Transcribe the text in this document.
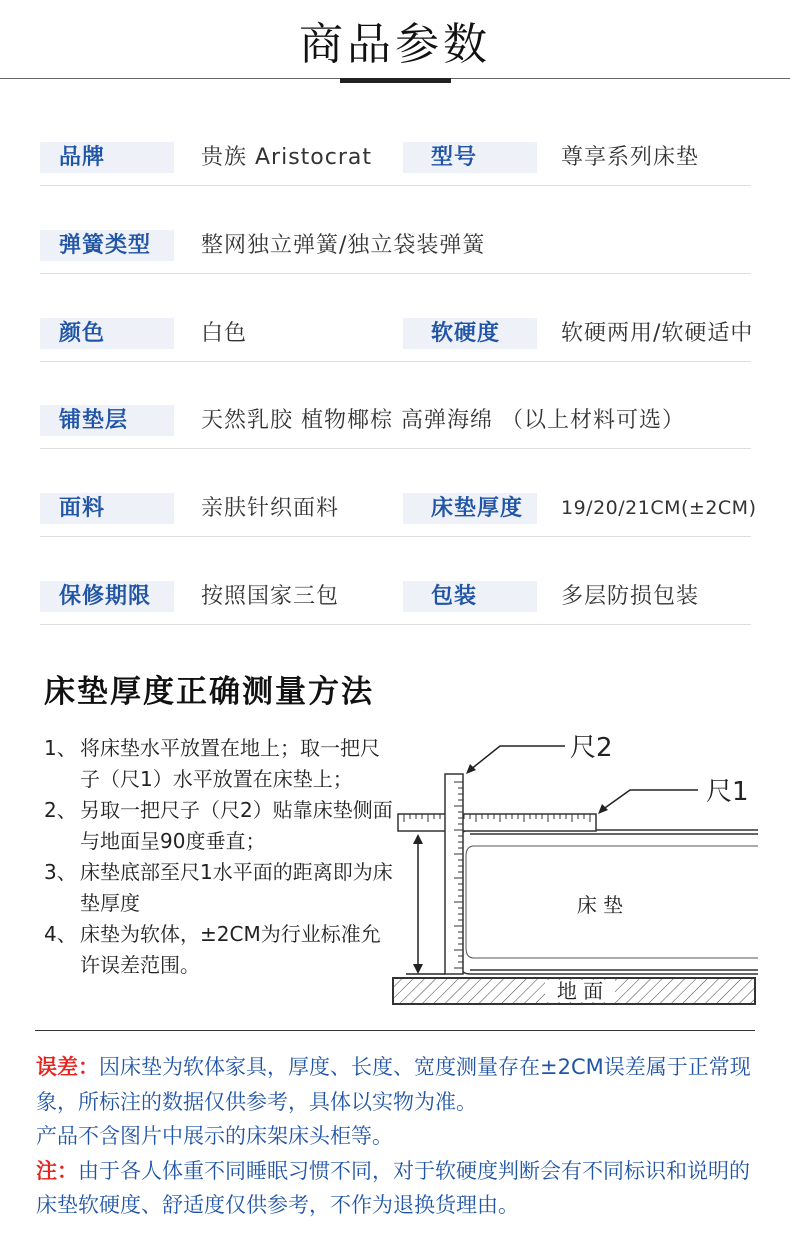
商品参数
品牌	贵族 Aristocrat	型号	尊享系列床垫
弹簧类型	整网独立弹簧/独立袋装弹簧
颜色	白色	软硬度	软硬两用/软硬适中
铺垫层	天然乳胶 植物椰棕 高弹海绵 （以上材料可选）
面料	亲肤针织面料	床垫厚度	19/20/21CM(±2CM)
保修期限	按照国家三包	包装	多层防损包装
床垫厚度正确测量方法
1、 将床垫水平放置在地上；取一把尺子（尺1）水平放置在床垫上；
2、 另取一把尺子（尺2）贴靠床垫侧面与地面呈90度垂直；
3、 床垫底部至尺1水平面的距离即为床垫厚度
4、 床垫为软体，±2CM为行业标准允许误差范围。
地 面
床 垫
尺2
尺1
误差：因床垫为软体家具，厚度、长度、宽度测量存在±2CM误差属于正常现象，所标注的数据仅供参考，具体以实物为准。
产品不含图片中展示的床架床头柜等。
注：由于各人体重不同睡眠习惯不同，对于软硬度判断会有不同标识和说明的床垫软硬度、舒适度仅供参考，不作为退换货理由。
